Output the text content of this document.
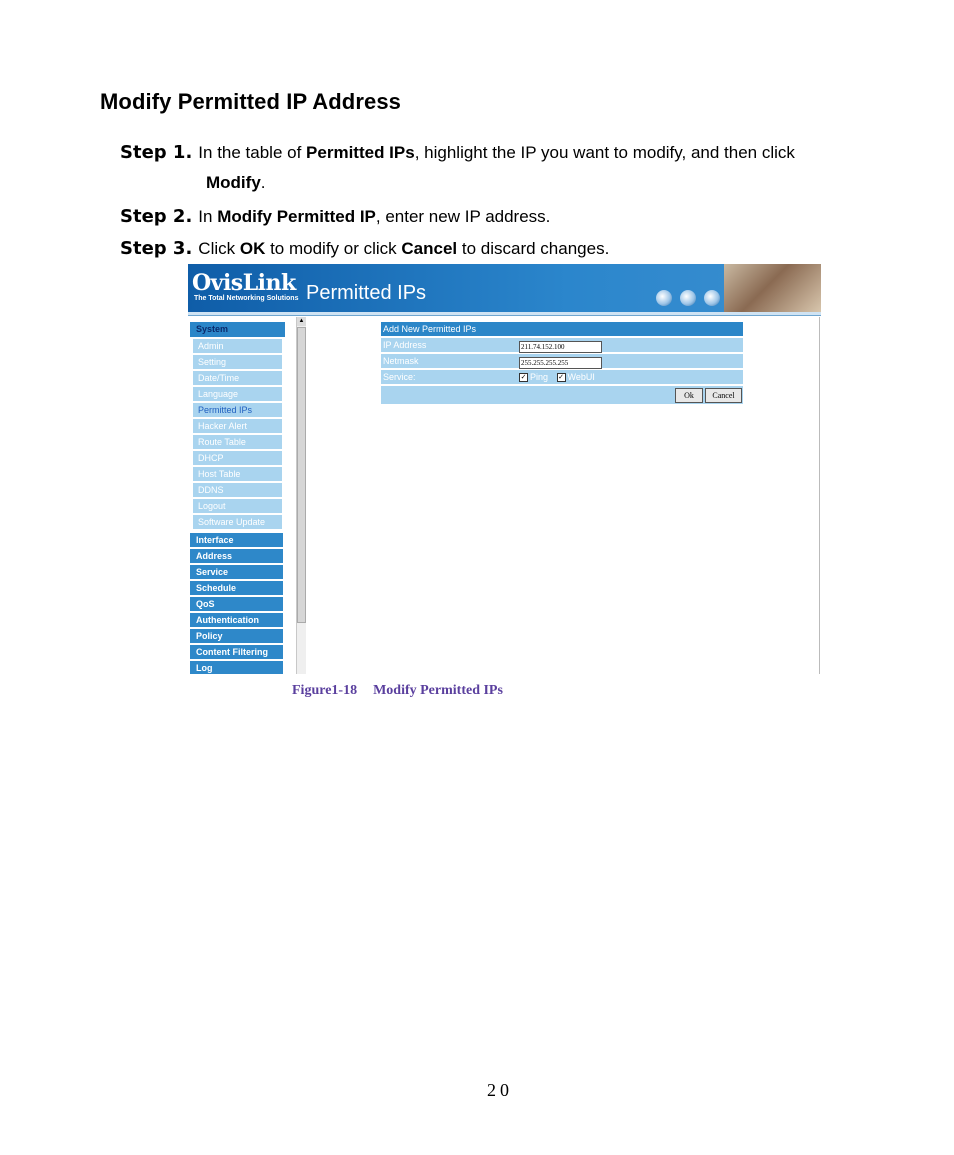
Modify Permitted IP Address
Step 1. In the table of Permitted IPs, highlight the IP you want to modify, and then click
Modify.
Step 2. In Modify Permitted IP, enter new IP address.
Step 3. Click OK to modify or click Cancel to discard changes.
OvisLink
The Total Networking Solutions Permitted IPs
System
Admin
Setting
Date/Time
Language
Permitted IPs
Hacker Alert
Route Table
DHCP
Host Table
DDNS
Logout
Software Update
Interface
Address
Service
Schedule
QoS
Authentication
Policy
Content Filtering
Log
▲
Add New Permitted IPs
IP Address	211.74.152.100
Netmask	255.255.255.255
Service:	✓ Ping ✓ WebUI
Ok	Cancel
Figure1-18 Modify Permitted IPs
20
